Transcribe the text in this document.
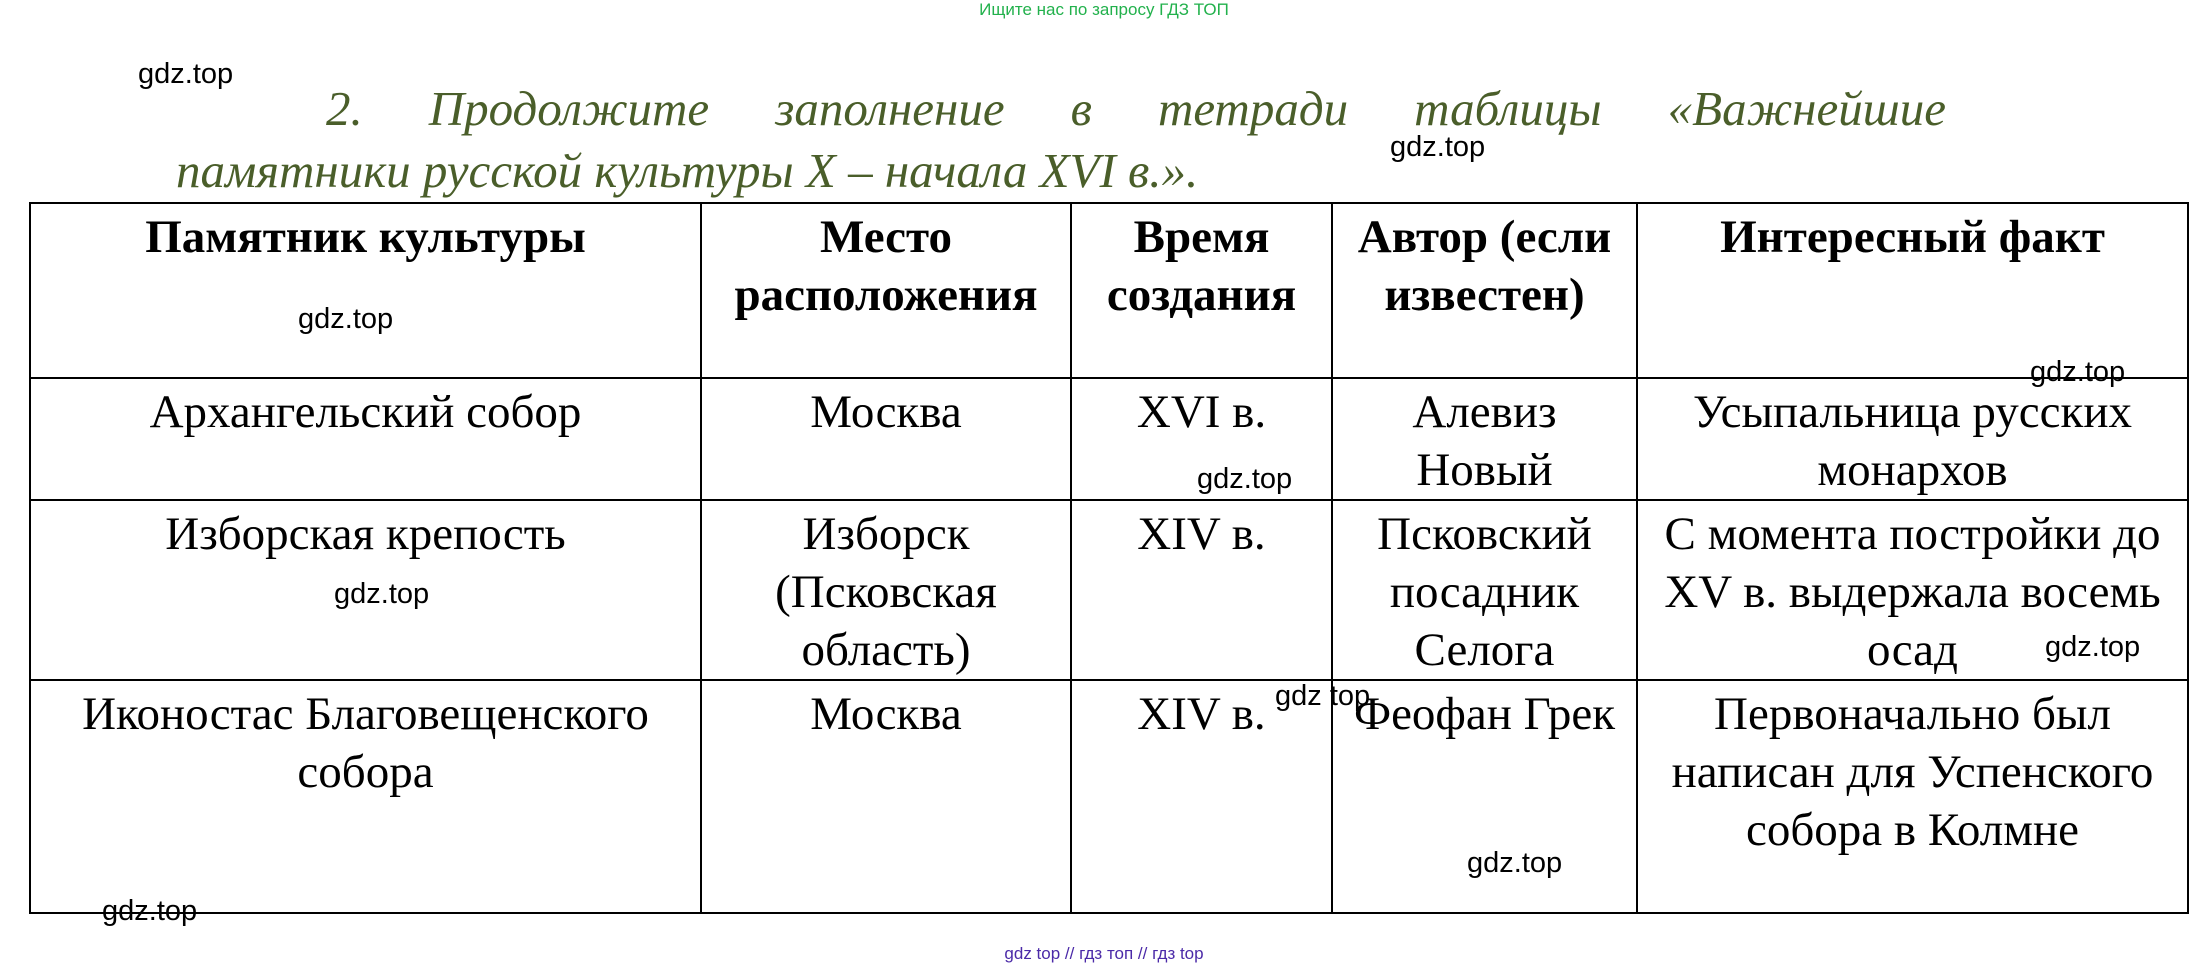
Ищите нас по запросу ГДЗ ТОП
2. Продолжите заполнение в тетради таблицы «Важнейшие
памятники русской культуры X – начала XVI в.».
Памятник культуры	Место расположения	Время создания	Автор (если известен)	Интересный факт
Архангельский собор	Москва	XVI в.	Алевиз Новый	Усыпальница русских монархов
Изборская крепость	Изборск (Псковская область)	XIV в.	Псковский посадник Селога	С момента постройки до XV в. выдержала восемь осад
Иконостас Благовещенского собора	Москва	XIV в.	Феофан Грек	Первоначально был написан для Успенского собора в Колмне
gdz.top
gdz.top
gdz.top
gdz.top
gdz.top
gdz.top
gdz.top
gdz top
gdz.top
gdz.top
gdz top // гдз топ // гдз top
